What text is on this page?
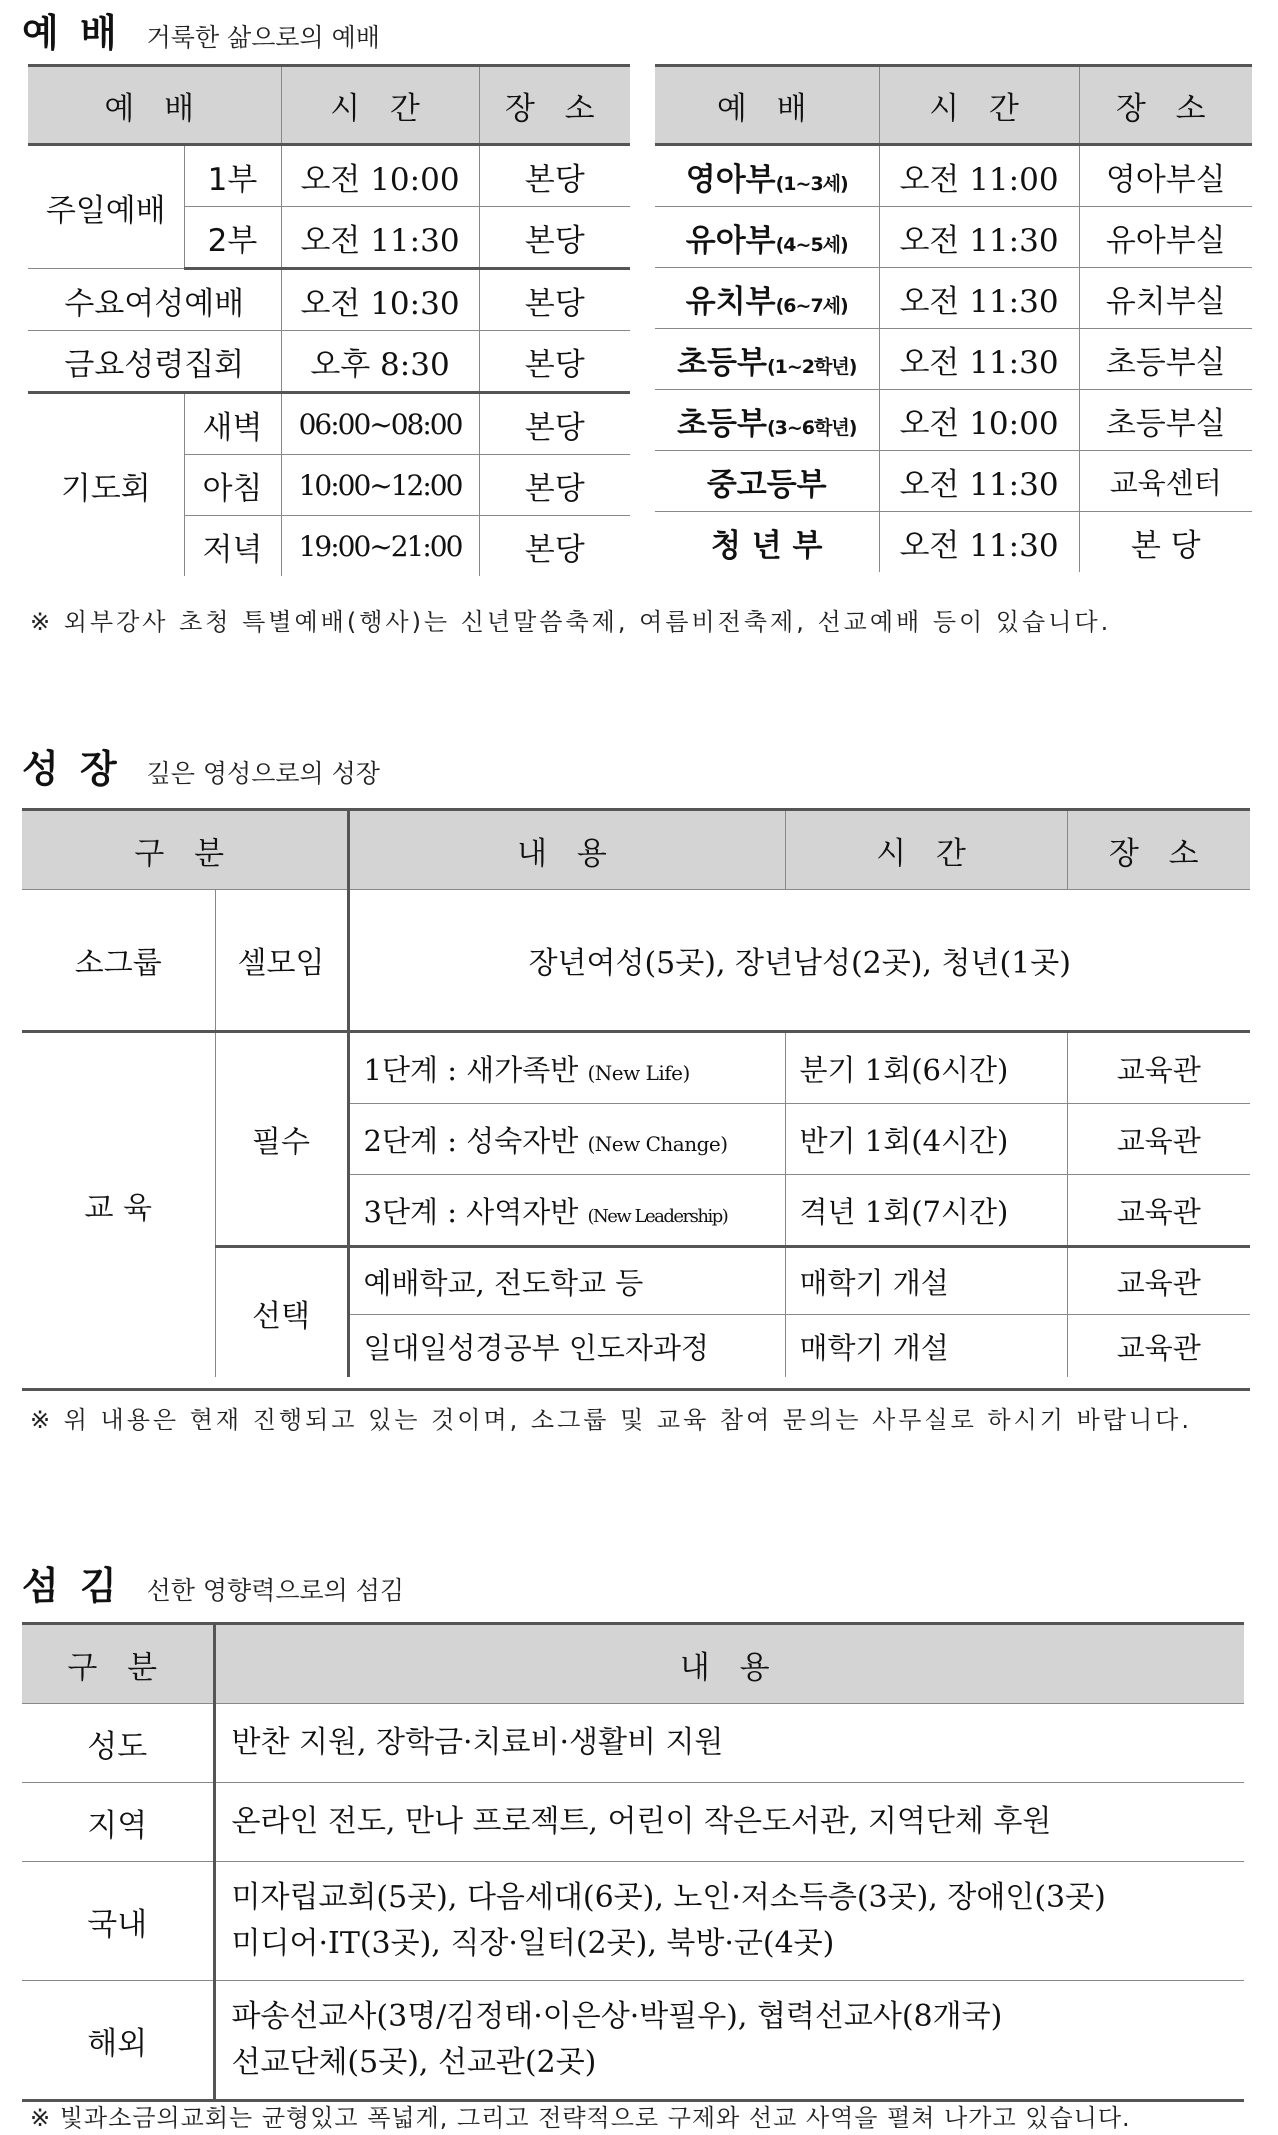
예 배 거룩한 삶으로의 예배
예 배		시 간	장 소
주일예배	1부	오전 10:00	본당
	2부	오전 11:30	본당
수요여성예배		오전 10:30	본당
금요성령집회		오후 8:30	본당
기도회	새벽	06:00~08:00	본당
	아침	10:00~12:00	본당
	저녁	19:00~21:00	본당
예 배	시 간	장 소
영아부(1~3세)	오전 11:00	영아부실
유아부(4~5세)	오전 11:30	유아부실
유치부(6~7세)	오전 11:30	유치부실
초등부(1~2학년)	오전 11:30	초등부실
초등부(3~6학년)	오전 10:00	초등부실
중고등부	오전 11:30	교육센터
청 년 부	오전 11:30	본 당
※ 외부강사 초청 특별예배(행사)는 신년말씀축제, 여름비전축제, 선교예배 등이 있습니다.
성 장 깊은 영성으로의 성장
구 분		내 용	시 간	장 소
소그룹	셀모임	장년여성(5곳), 장년남성(2곳), 청년(1곳)		
교 육	필수	1단계 : 새가족반 (New Life)	분기 1회(6시간)	교육관
		2단계 : 성숙자반 (New Change)	반기 1회(4시간)	교육관
		3단계 : 사역자반 (New Leadership)	격년 1회(7시간)	교육관
	선택	예배학교, 전도학교 등	매학기 개설	교육관
		일대일성경공부 인도자과정	매학기 개설	교육관
※ 위 내용은 현재 진행되고 있는 것이며, 소그룹 및 교육 참여 문의는 사무실로 하시기 바랍니다.
섬 김 선한 영향력으로의 섬김
구 분	내 용
성도	반찬 지원, 장학금·치료비·생활비 지원

지역	온라인 전도, 만나 프로젝트, 어린이 작은도서관, 지역단체 후원

국내	미자립교회(5곳), 다음세대(6곳), 노인·저소득층(3곳), 장애인(3곳)
미디어·IT(3곳), 직장·일터(2곳), 북방·군(4곳)

해외	파송선교사(3명/김정태·이은상·박필우), 협력선교사(8개국)
선교단체(5곳), 선교관(2곳)
※ 빛과소금의교회는 균형있고 폭넓게, 그리고 전략적으로 구제와 선교 사역을 펼쳐 나가고 있습니다.
